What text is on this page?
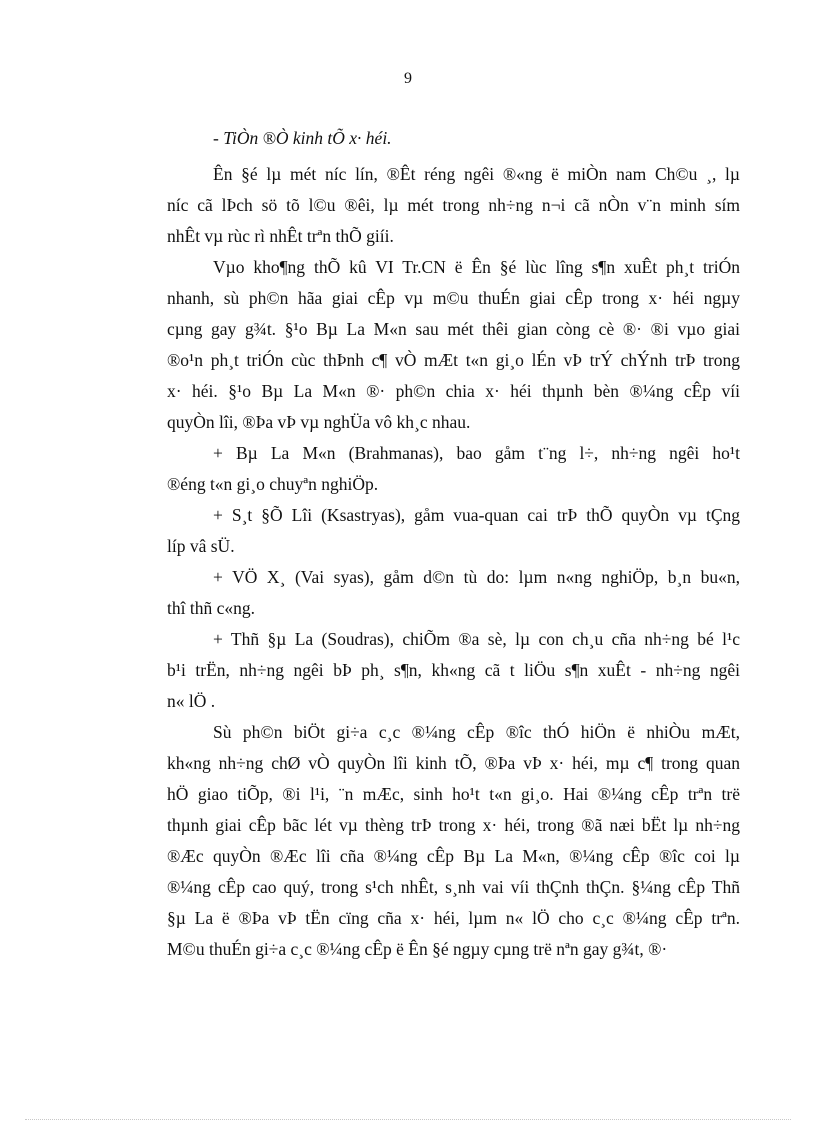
9
- TiÒn ®Ò kinh tÕ x· héi.
Ên §é lµ mét níc lín, ®Êt réng ngêi ®«ng ë miÒn nam Ch©u ¸, lµ
níc cã lÞch sö tõ l©u ®êi, lµ mét trong nh÷ng n¬i cã nÒn v¨n minh sím
nhÊt vµ rùc rì nhÊt trªn thÕ giíi.
Vµo kho¶ng thÕ kû VI Tr.CN ë Ên §é lùc lîng s¶n xuÊt ph¸t triÓn
nhanh, sù ph©n hãa giai cÊp vµ m©u thuÉn giai cÊp trong x· héi ngµy
cµng gay g¾t. §¹o Bµ La M«n sau mét thêi gian còng cè ®· ®i vµo giai
®o¹n ph¸t triÓn cùc thÞnh c¶ vÒ mÆt t«n gi¸o lÉn vÞ trÝ chÝnh trÞ trong
x· héi. §¹o Bµ La M«n ®· ph©n chia x· héi thµnh bèn ®¼ng cÊp víi
quyÒn lîi, ®Þa vÞ vµ nghÜa vô kh¸c nhau.
+ Bµ La M«n (Brahmanas), bao gåm t¨ng l÷, nh÷ng ngêi ho¹t
®éng t«n gi¸o chuyªn nghiÖp.
+ S¸t §Õ Lîi (Ksastryas), gåm vua-quan cai trÞ thÕ quyÒn vµ tÇng
líp vâ sÜ.
+ VÖ X¸ (Vai syas), gåm d©n tù do: lµm n«ng nghiÖp, b¸n bu«n,
thî thñ c«ng.
+ Thñ §µ La (Soudras), chiÕm ®a sè, lµ con ch¸u cña nh÷ng bé l¹c
b¹i trËn, nh÷ng ngêi bÞ ph¸ s¶n, kh«ng cã t liÖu s¶n xuÊt - nh÷ng ngêi
n« lÖ .
Sù ph©n biÖt gi÷a c¸c ®¼ng cÊp ®îc thÓ hiÖn ë nhiÒu mÆt,
kh«ng nh÷ng chØ vÒ quyÒn lîi kinh tÕ, ®Þa vÞ x· héi, mµ c¶ trong quan
hÖ giao tiÕp, ®i l¹i, ¨n mÆc, sinh ho¹t t«n gi¸o. Hai ®¼ng cÊp trªn trë
thµnh giai cÊp bãc lét vµ thèng trÞ trong x· héi, trong ®ã næi bËt lµ nh÷ng
®Æc quyÒn ®Æc lîi cña ®¼ng cÊp Bµ La M«n, ®¼ng cÊp ®îc coi lµ
®¼ng cÊp cao quý, trong s¹ch nhÊt, s¸nh vai víi thÇnh thÇn. §¼ng cÊp Thñ
§µ La ë ®Þa vÞ tËn cïng cña x· héi, lµm n« lÖ cho c¸c ®¼ng cÊp trªn.
M©u thuÉn gi÷a c¸c ®¼ng cÊp ë Ên §é ngµy cµng trë nªn gay g¾t, ®·
